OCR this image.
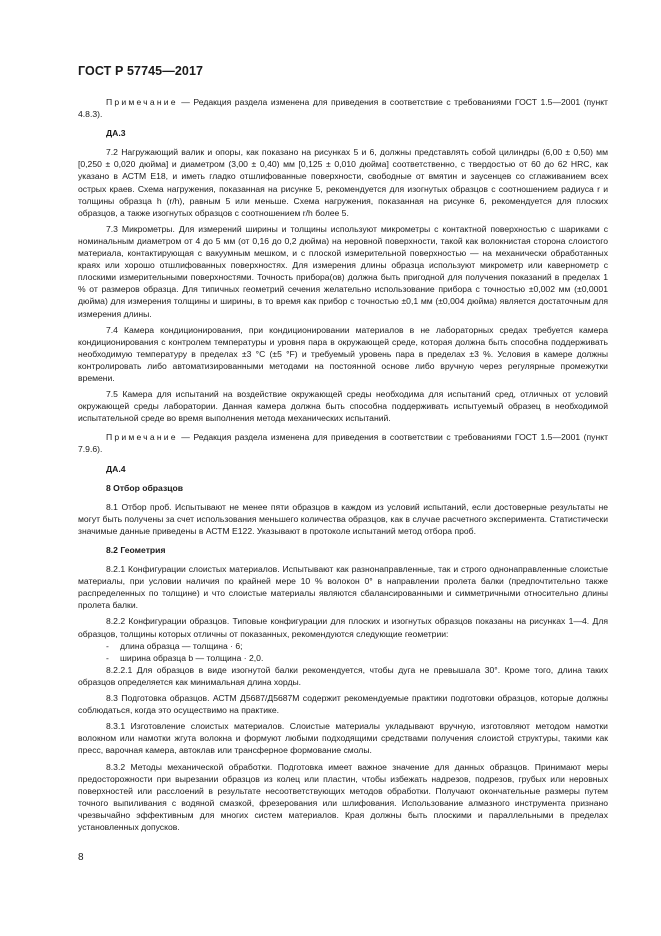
ГОСТ Р 57745—2017

Примечание — Редакция раздела изменена для приведения в соответствие с требованиями ГОСТ 1.5—2001 (пункт 4.8.3).

ДА.3

7.2 Нагружающий валик и опоры, как показано на рисунках 5 и 6, должны представлять собой цилиндры (6,00 ± 0,50) мм [0,250 ± 0,020 дюйма] и диаметром (3,00 ± 0,40) мм [0,125 ± 0,010 дюйма] соответственно, с твердостью от 60 до 62 HRC, как указано в АСТМ Е18, и иметь гладко отшлифованные поверхности, свободные от вмятин и заусенцев со сглаживанием всех острых краев. Схема нагружения, показанная на рисунке 5, рекомендуется для изогнутых образцов с соотношением радиуса r и толщины образца h (r/h), равным 5 или меньше. Схема нагружения, показанная на рисунке 6, рекомендуется для плоских образцов, а также изогнутых образцов с соотношением r/h более 5.

7.3 Микрометры. Для измерений ширины и толщины используют микрометры с контактной поверхностью с шариками с номинальным диаметром от 4 до 5 мм (от 0,16 до 0,2 дюйма) на неровной поверхности, такой как волокнистая сторона слоистого материала, контактирующая с вакуумным мешком, и с плоской измерительной поверхностью — на механически обработанных краях или хорошо отшлифованных поверхностях. Для измерения длины образца используют микрометр или кавернометр с плоскими измерительными поверхностями. Точность прибора(ов) должна быть пригодной для получения показаний в пределах 1 % от размеров образца. Для типичных геометрий сечения желательно использование прибора с точностью ±0,002 мм (±0,0001 дюйма) для измерения толщины и ширины, в то время как прибор с точностью ±0,1 мм (±0,004 дюйма) является достаточным для измерения длины.

7.4 Камера кондиционирования, при кондиционировании материалов в не лабораторных средах требуется камера кондиционирования с контролем температуры и уровня пара в окружающей среде, которая должна быть способна поддерживать необходимую температуру в пределах ±3 °С (±5 °F) и требуемый уровень пара в пределах ±3 %. Условия в камере должны контролировать либо автоматизированными методами на постоянной основе либо вручную через регулярные промежутки времени.

7.5 Камера для испытаний на воздействие окружающей среды необходима для испытаний сред, отличных от условий окружающей среды лаборатории. Данная камера должна быть способна поддерживать испытуемый образец в необходимой испытательной среде во время выполнения метода механических испытаний.

Примечание — Редакция раздела изменена для приведения в соответствии с требованиями ГОСТ 1.5—2001 (пункт 7.9.6).

ДА.4

8 Отбор образцов

8.1 Отбор проб. Испытывают не менее пяти образцов в каждом из условий испытаний, если достоверные результаты не могут быть получены за счет использования меньшего количества образцов, как в случае расчетного эксперимента. Статистически значимые данные приведены в АСТМ Е122. Указывают в протоколе испытаний метод отбора проб.

8.2 Геометрия

8.2.1 Конфигурации слоистых материалов. Испытывают как разнонаправленные, так и строго однонаправленные слоистые материалы, при условии наличия по крайней мере 10 % волокон 0° в направлении пролета балки (предпочтительно также распределенных по толщине) и что слоистые материалы являются сбалансированными и симметричными относительно длины пролета балки.

8.2.2 Конфигурации образцов. Типовые конфигурации для плоских и изогнутых образцов показаны на рисунках 1—4. Для образцов, толщины которых отличны от показанных, рекомендуются следующие геометрии:

- длина образца — толщина · 6;

- ширина образца b — толщина · 2,0.

8.2.2.1 Для образцов в виде изогнутой балки рекомендуется, чтобы дуга не превышала 30°. Кроме того, длина таких образцов определяется как минимальная длина хорды.

8.3 Подготовка образцов. АСТМ Д5687/Д5687М содержит рекомендуемые практики подготовки образцов, которые должны соблюдаться, когда это осуществимо на практике.

8.3.1 Изготовление слоистых материалов. Слоистые материалы укладывают вручную, изготовляют методом намотки волокном или намотки жгута волокна и формуют любыми подходящими средствами получения слоистой структуры, такими как пресс, варочная камера, автоклав или трансферное формование смолы.

8.3.2 Методы механической обработки. Подготовка имеет важное значение для данных образцов. Принимают меры предосторожности при вырезании образцов из колец или пластин, чтобы избежать надрезов, подрезов, грубых или неровных поверхностей или расслоений в результате несоответствующих методов обработки. Получают окончательные размеры путем точного выпиливания с водяной смазкой, фрезерования или шлифования. Использование алмазного инструмента признано чрезвычайно эффективным для многих систем материалов. Края должны быть плоскими и параллельными в пределах установленных допусков.

8
